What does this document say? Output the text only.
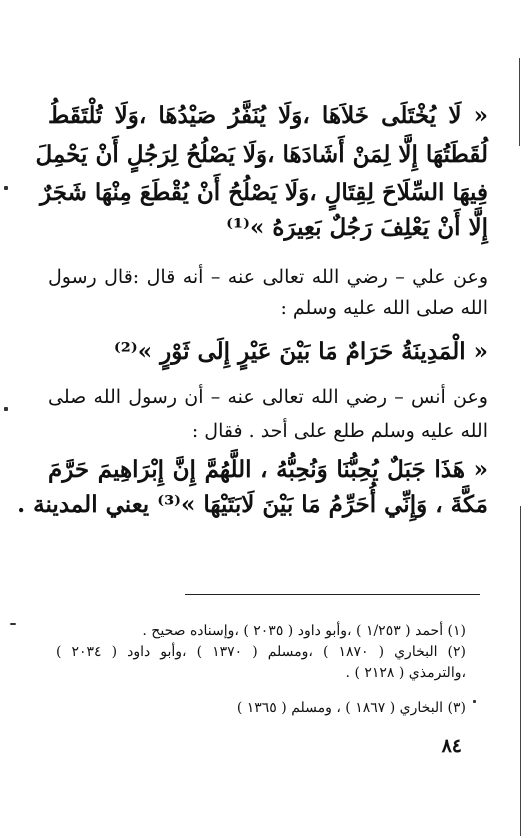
« لَا يُخْتَلَى خَلاَهَا ،وَلَا يُنَفَّرُ صَيْدُهَا ،وَلَا تُلْتَقَطُ
لُقَطَتُهَا إِلَّا لِمَنْ أَشَادَهَا ،وَلَا يَصْلُحُ لِرَجُلٍ أَنْ يَحْمِلَ
فِيهَا السِّلَاحَ لِقِتَالٍ ،وَلَا يَصْلُحُ أَنْ يُقْطَعَ مِنْهَا شَجَرٌ
إِلَّا أَنْ يَعْلِفَ رَجُلٌ بَعِيرَهُ »⁽¹⁾
وعن علي – رضي الله تعالى عنه – أنه قال :قال رسول
الله صلى الله عليه وسلم :
« الْمَدِينَةُ حَرَامٌ مَا بَيْنَ عَيْرٍ إِلَى ثَوْرٍ »⁽²⁾
وعن أنس – رضي الله تعالى عنه – أن رسول الله صلى
الله عليه وسلم طلع على أحد . فقال :
« هَذَا جَبَلٌ يُحِبُّنَا وَنُحِبُّهُ ، اللَّهُمَّ إِنَّ إِبْرَاهِيمَ حَرَّمَ
مَكَّةَ ، وَإِنِّي أُحَرِّمُ مَا بَيْنَ لَابَتَيْهَا »⁽³⁾ يعني المدينة .
(١) أحمد ( ١/٢٥٣ ) ،وأبو داود ( ٢٠٣٥ ) ،وإسناده صحيح .
(٢) البخاري ( ١٨٧٠ ) ،ومسلم ( ١٣٧٠ ) ،وأبو داود ( ٢٠٣٤ )
،والترمذي ( ٢١٢٨ ) .
(٣) البخاري ( ١٨٦٧ ) ، ومسلم ( ١٣٦٥ )
٨٤
